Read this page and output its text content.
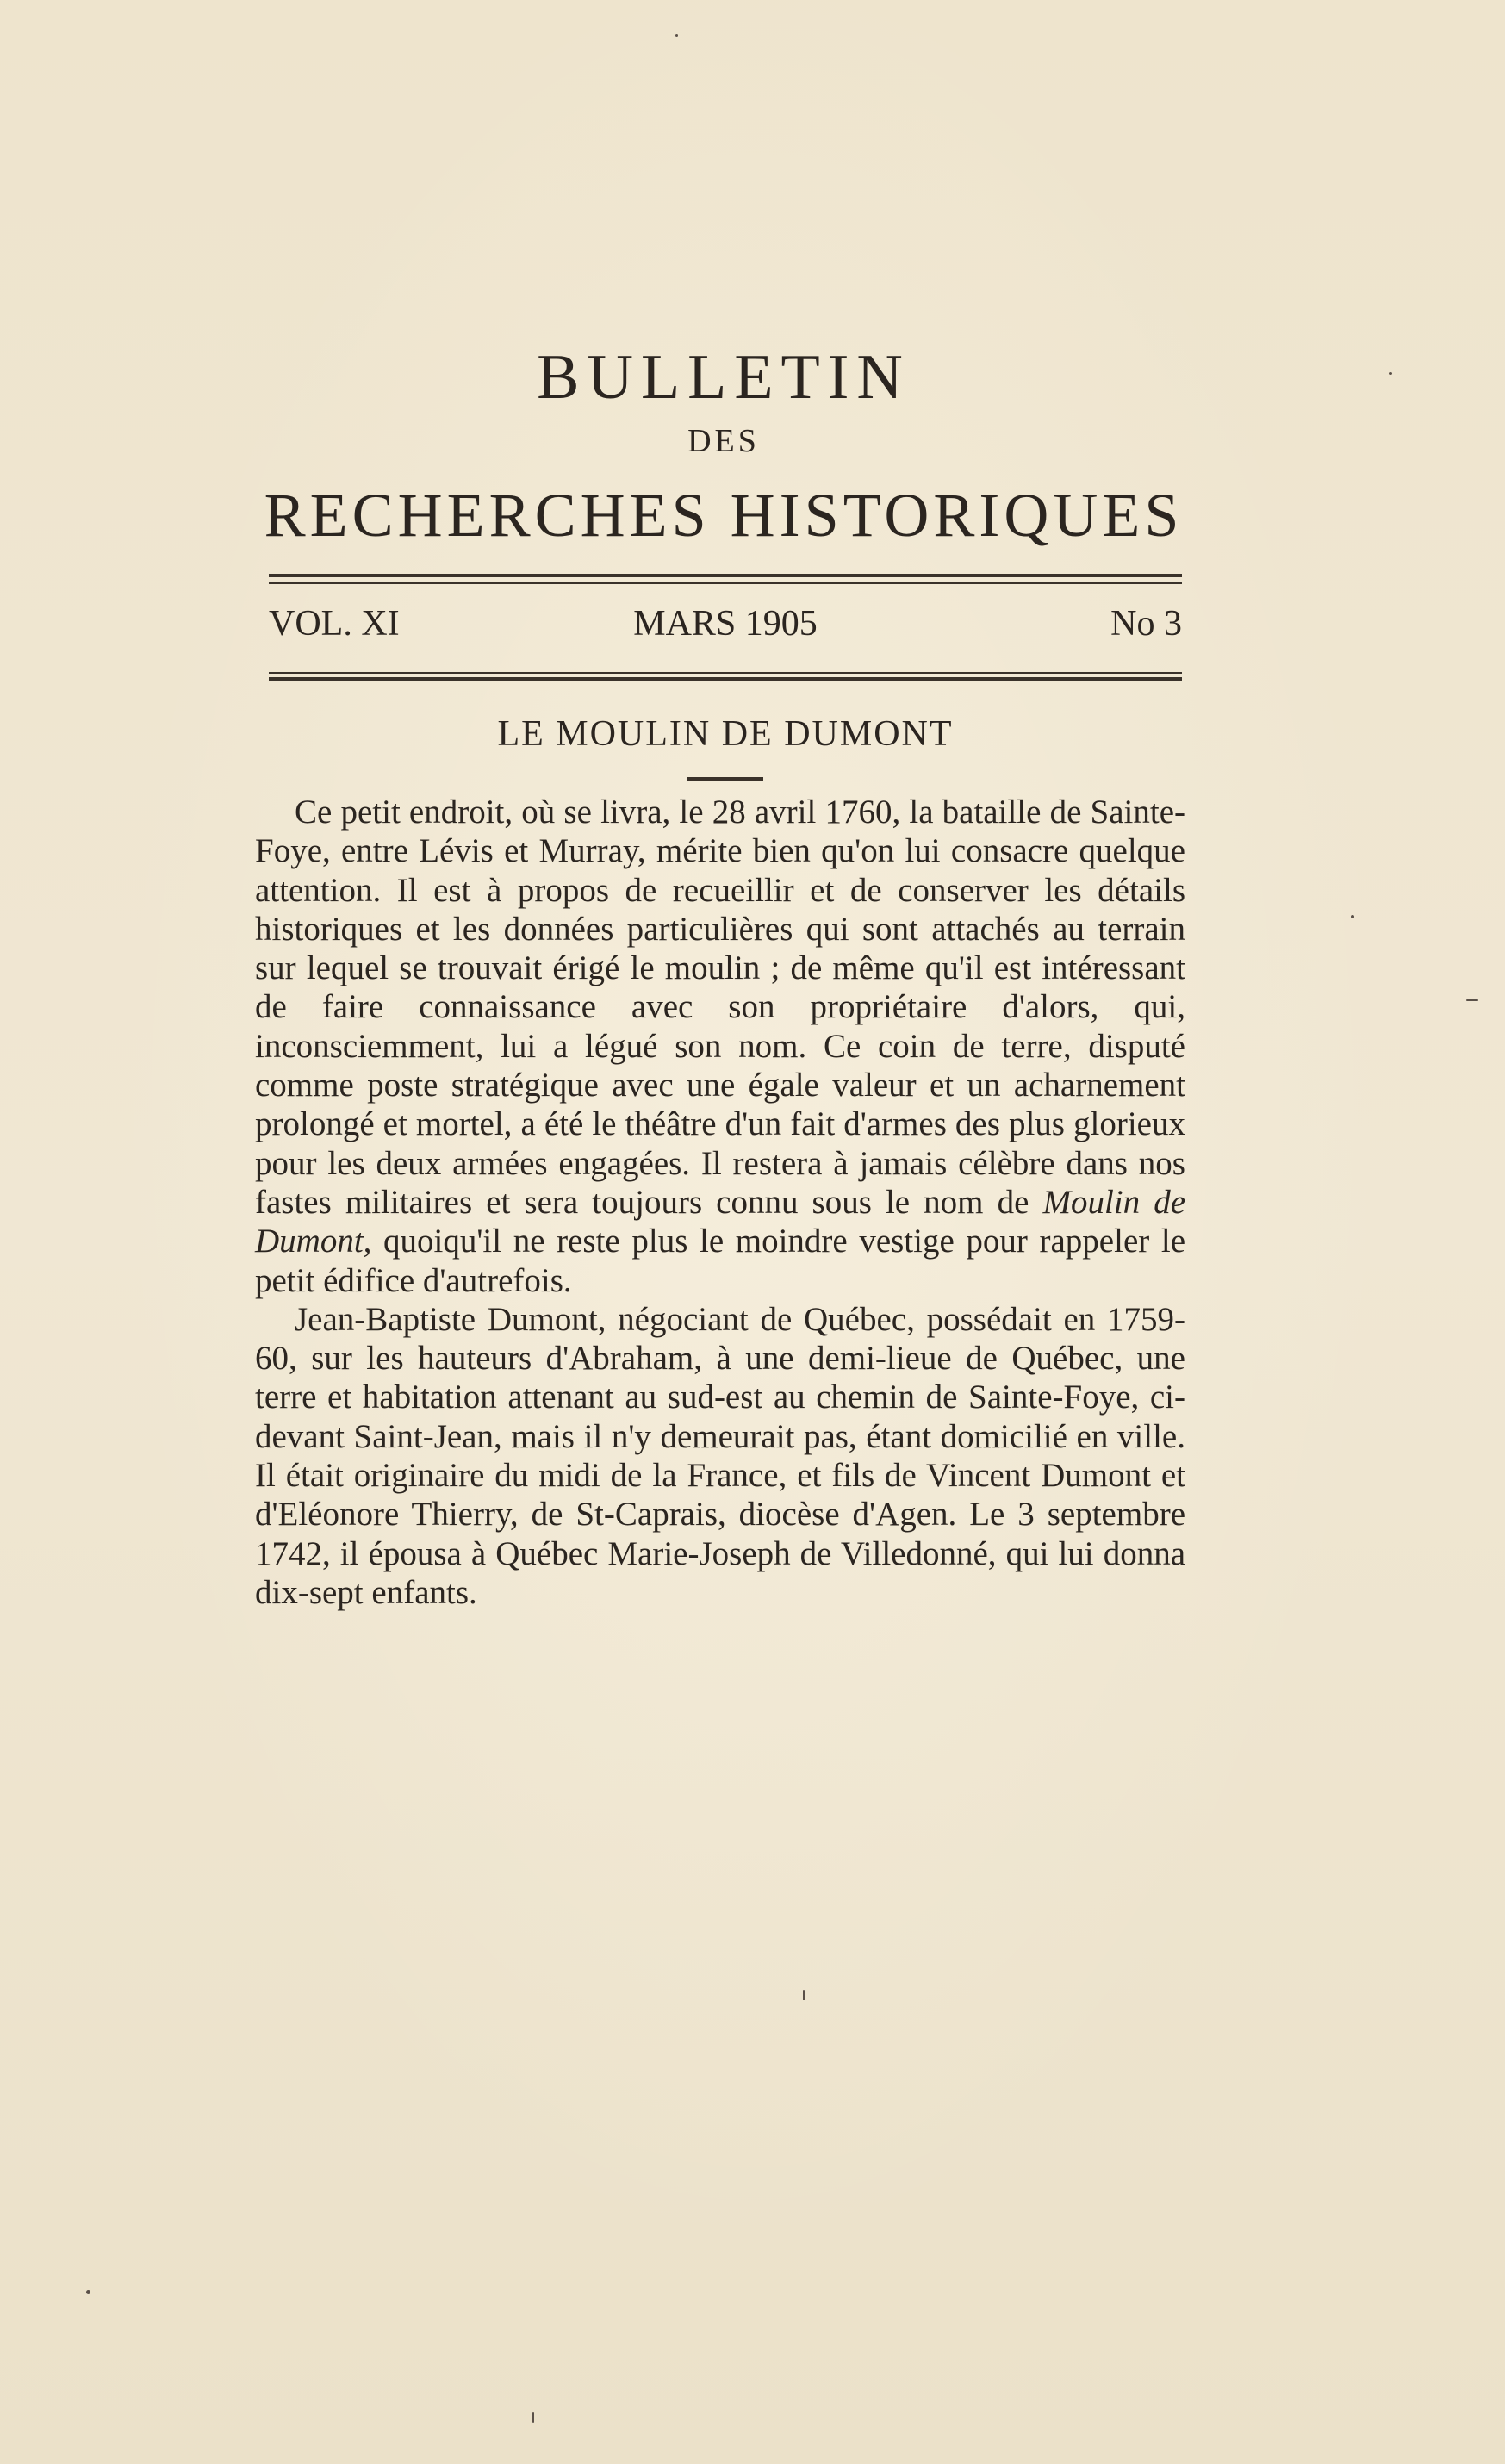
BULLETIN
DES
RECHERCHES HISTORIQUES
VOL. XI	MARS 1905	No 3
LE MOULIN DE DUMONT

Ce petit endroit, où se livra, le 28 avril 1760, la bataille de Sainte-Foye, entre Lévis et Murray, mérite bien qu'on lui consacre quelque attention. Il est à propos de recueillir et de conserver les détails historiques et les données particulières qui sont attachés au terrain sur lequel se trouvait érigé le moulin ; de même qu'il est intéressant de faire connaissance avec son propriétaire d'alors, qui, inconsciemment, lui a légué son nom. Ce coin de terre, disputé comme poste stratégique avec une égale valeur et un acharnement prolongé et mortel, a été le théâtre d'un fait d'armes des plus glorieux pour les deux armées engagées. Il restera à jamais célèbre dans nos fastes militaires et sera toujours connu sous le nom de Moulin de Dumont, quoiqu'il ne reste plus le moindre vestige pour rappeler le petit édifice d'autrefois.

Jean-Baptiste Dumont, négociant de Québec, possédait en 1759-60, sur les hauteurs d'Abraham, à une demi-lieue de Québec, une terre et habitation attenant au sud-est au chemin de Sainte-Foye, ci-devant Saint-Jean, mais il n'y demeurait pas, étant domicilié en ville. Il était originaire du midi de la France, et fils de Vincent Dumont et d'Eléonore Thierry, de St-Caprais, diocèse d'Agen. Le 3 septembre 1742, il épousa à Québec Marie-Joseph de Villedonné, qui lui donna dix-sept enfants.
